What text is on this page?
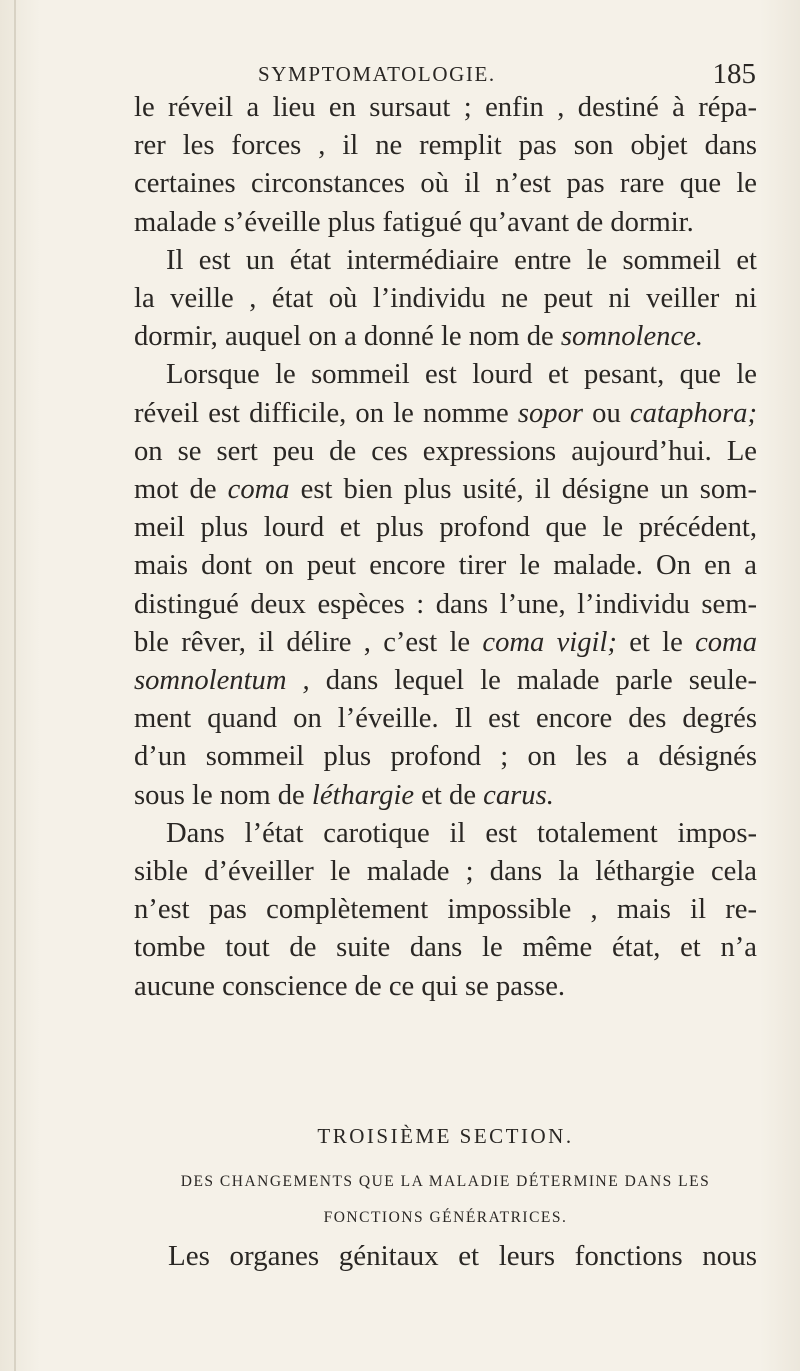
SYMPTOMATOLOGIE.	185

le réveil a lieu en sursaut ; enfin , destiné à répa-
rer les forces , il ne remplit pas son objet dans
certaines circonstances où il n’est pas rare que le
malade s’éveille plus fatigué qu’avant de dormir.

Il est un état intermédiaire entre le sommeil et
la veille , état où l’individu ne peut ni veiller ni
dormir, auquel on a donné le nom de somnolence.

Lorsque le sommeil est lourd et pesant, que le
réveil est difficile, on le nomme sopor ou cataphora;
on se sert peu de ces expressions aujourd’hui. Le
mot de coma est bien plus usité, il désigne un som-
meil plus lourd et plus profond que le précédent,
mais dont on peut encore tirer le malade. On en a
distingué deux espèces : dans l’une, l’individu sem-
ble rêver, il délire , c’est le coma vigil; et le coma
somnolentum , dans lequel le malade parle seule-
ment quand on l’éveille. Il est encore des degrés
d’un sommeil plus profond ; on les a désignés
sous le nom de léthargie et de carus.

Dans l’état carotique il est totalement impos-
sible d’éveiller le malade ; dans la léthargie cela
n’est pas complètement impossible , mais il re-
tombe tout de suite dans le même état, et n’a
aucune conscience de ce qui se passe.

TROISIÈME SECTION.
DES CHANGEMENTS QUE LA MALADIE DÉTERMINE DANS LES
FONCTIONS GÉNÉRATRICES.
Les organes génitaux et leurs fonctions nous
